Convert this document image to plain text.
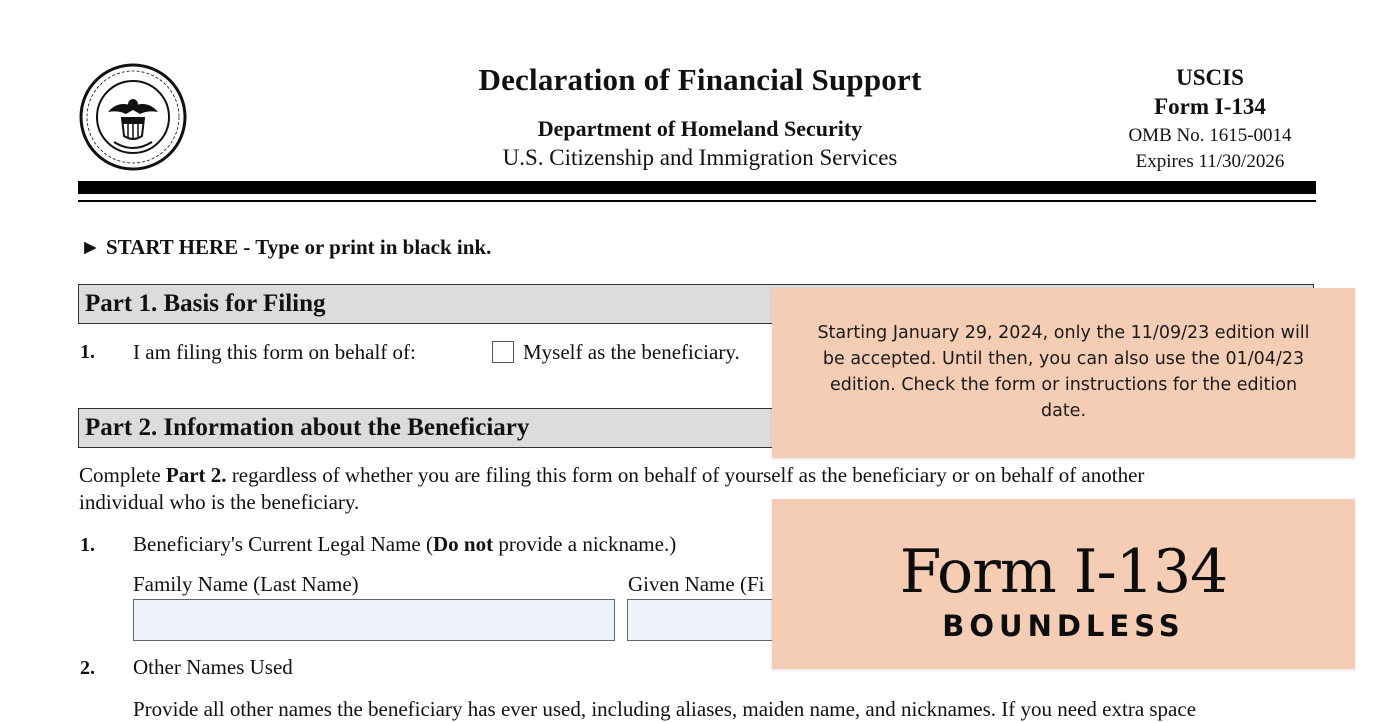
Declaration of Financial Support
Department of Homeland Security
U.S. Citizenship and Immigration Services
USCIS
Form I-134
OMB No. 1615-0014
Expires 11/30/2026
► START HERE - Type or print in black ink.
Part 1. Basis for Filing
1. I am filing this form on behalf of:	Myself as the beneficiary.
Part 2. Information about the Beneficiary
Complete Part 2. regardless of whether you are filing this form on behalf of yourself as the beneficiary or on behalf of another
individual who is the beneficiary.
1. Beneficiary's Current Legal Name (Do not provide a nickname.)
Family Name (Last Name)	Given Name (Fi
2. Other Names Used
Provide all other names the beneficiary has ever used, including aliases, maiden name, and nicknames. If you need extra space
Starting January 29, 2024, only the 11/09/23 edition will be accepted. Until then, you can also use the 01/04/23 edition. Check the form or instructions for the edition date.
Form I-134
BOUNDLESS
